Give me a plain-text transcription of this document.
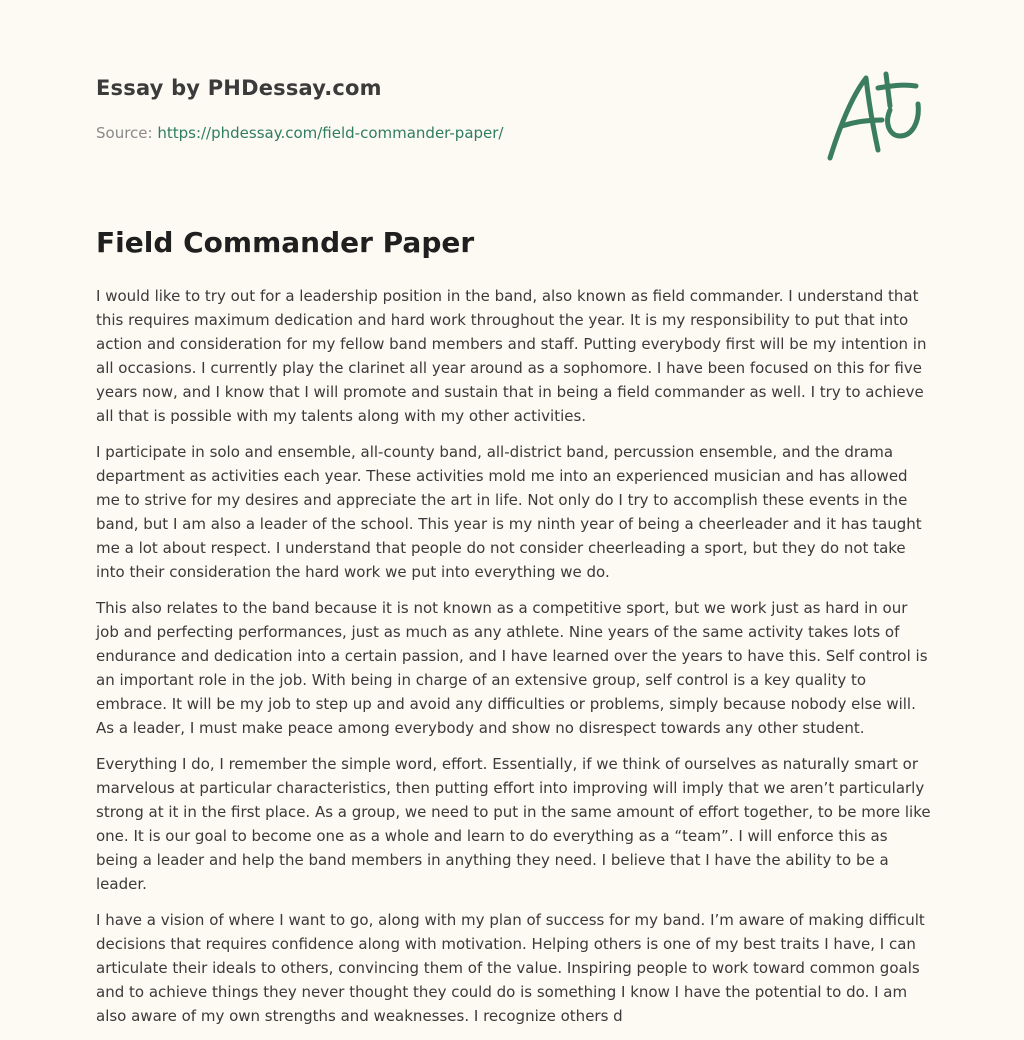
Essay by PHDessay.com
Source: https://phdessay.com/field-commander-paper/
Field Commander Paper

I would like to try out for a leadership position in the band, also known as field commander. I understand that this requires maximum dedication and hard work throughout the year. It is my responsibility to put that into action and consideration for my fellow band members and staff. Putting everybody first will be my intention in all occasions. I currently play the clarinet all year around as a sophomore. I have been focused on this for five years now, and I know that I will promote and sustain that in being a field commander as well. I try to achieve all that is possible with my talents along with my other activities.

I participate in solo and ensemble, all-county band, all-district band, percussion ensemble, and the drama department as activities each year. These activities mold me into an experienced musician and has allowed me to strive for my desires and appreciate the art in life. Not only do I try to accomplish these events in the band, but I am also a leader of the school. This year is my ninth year of being a cheerleader and it has taught me a lot about respect. I understand that people do not consider cheerleading a sport, but they do not take into their consideration the hard work we put into everything we do.

This also relates to the band because it is not known as a competitive sport, but we work just as hard in our job and perfecting performances, just as much as any athlete. Nine years of the same activity takes lots of endurance and dedication into a certain passion, and I have learned over the years to have this. Self control is an important role in the job. With being in charge of an extensive group, self control is a key quality to embrace. It will be my job to step up and avoid any difficulties or problems, simply because nobody else will. As a leader, I must make peace among everybody and show no disrespect towards any other student.

Everything I do, I remember the simple word, effort. Essentially, if we think of ourselves as naturally smart or marvelous at particular characteristics, then putting effort into improving will imply that we aren’t particularly strong at it in the first place. As a group, we need to put in the same amount of effort together, to be more like one. It is our goal to become one as a whole and learn to do everything as a “team”. I will enforce this as being a leader and help the band members in anything they need. I believe that I have the ability to be a leader.

I have a vision of where I want to go, along with my plan of success for my band. I’m aware of making difficult decisions that requires confidence along with motivation. Helping others is one of my best traits I have, I can articulate their ideals to others, convincing them of the value. Inspiring people to work toward common goals and to achieve things they never thought they could do is something I know I have the potential to do. I am also aware of my own strengths and weaknesses. I recognize others d
